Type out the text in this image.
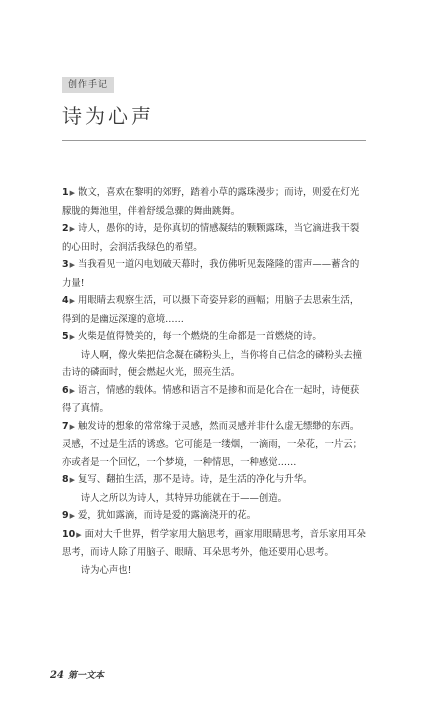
创作手记
诗为心声

1▶ 散文，喜欢在黎明的郊野，踏着小草的露珠漫步；而诗，则爱在灯光朦胧的舞池里，伴着舒缓急骤的舞曲跳舞。

2▶ 诗人，愚你的诗，是你真切的情感凝结的颗颗露珠，当它滴进我干裂的心田时，会润活我绿色的希望。

3▶ 当我看见一道闪电划破天幕时，我仿佛听见轰隆隆的雷声——蓄含的力量!

4▶ 用眼睛去观察生活，可以摄下奇姿异彩的画幅；用脑子去思索生活，得到的是幽远深邃的意境……

5▶ 火柴是值得赞美的，每一个燃烧的生命都是一首燃烧的诗。

诗人啊，像火柴把信念凝在磷粉头上，当你将自己信念的磷粉头去撞击诗的磷面时，便会燃起火光，照亮生活。

6▶ 语言，情感的载体。情感和语言不是掺和而是化合在一起时，诗便获得了真情。

7▶ 触发诗的想象的常常缘于灵感，然而灵感并非什么虚无缥缈的东西。灵感，不过是生活的诱惑。它可能是一缕烟，一滴雨，一朵花，一片云；亦或者是一个回忆，一个梦境，一种情思，一种感觉……

8▶ 复写、翻拍生活，那不是诗。诗，是生活的净化与升华。

诗人之所以为诗人，其特异功能就在于——创造。

9▶ 爱，犹如露滴，而诗是爱的露滴浇开的花。

10▶ 面对大千世界，哲学家用大脑思考，画家用眼睛思考，音乐家用耳朵思考，而诗人除了用脑子、眼睛、耳朵思考外，他还要用心思考。

诗为心声也!

24 第一文本
